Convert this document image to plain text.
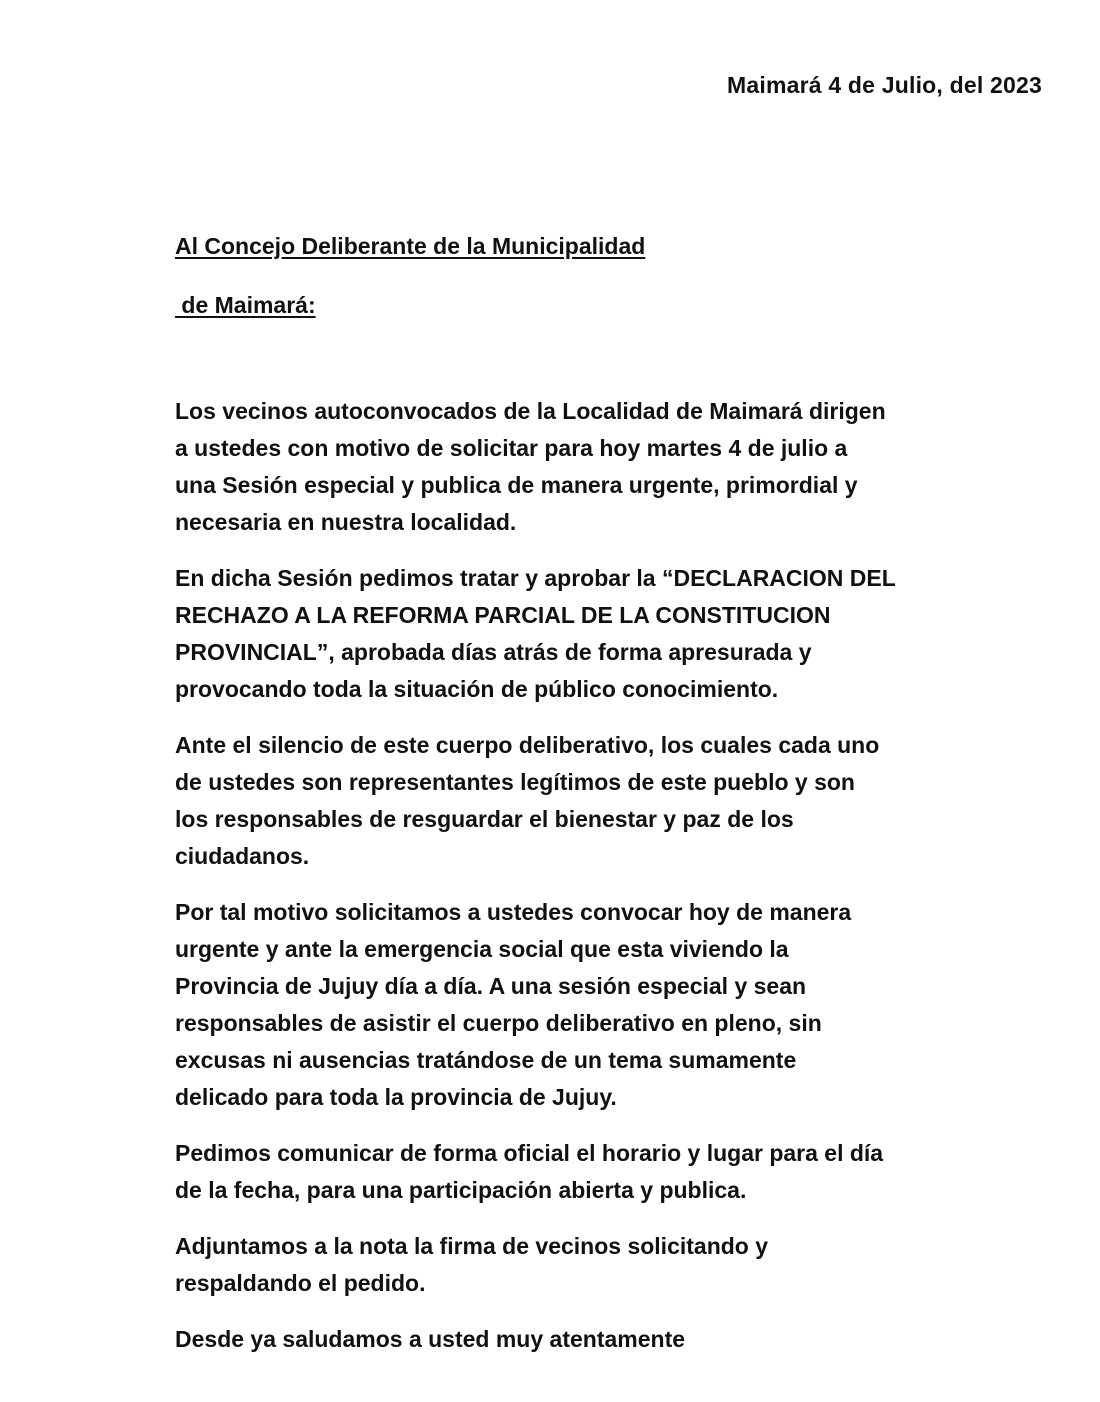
Maimará 4 de Julio, del 2023
Al Concejo Deliberante de la Municipalidad
de Maimará:

Los vecinos autoconvocados de la Localidad de Maimará dirigen
a ustedes con motivo de solicitar para hoy martes 4 de julio a
una Sesión especial y publica de manera urgente, primordial y
necesaria en nuestra localidad.

En dicha Sesión pedimos tratar y aprobar la “DECLARACION DEL
RECHAZO A LA REFORMA PARCIAL DE LA CONSTITUCION
PROVINCIAL”, aprobada días atrás de forma apresurada y
provocando toda la situación de público conocimiento.

Ante el silencio de este cuerpo deliberativo, los cuales cada uno
de ustedes son representantes legítimos de este pueblo y son
los responsables de resguardar el bienestar y paz de los
ciudadanos.

Por tal motivo solicitamos a ustedes convocar hoy de manera
urgente y ante la emergencia social que esta viviendo la
Provincia de Jujuy día a día. A una sesión especial y sean
responsables de asistir el cuerpo deliberativo en pleno, sin
excusas ni ausencias tratándose de un tema sumamente
delicado para toda la provincia de Jujuy.

Pedimos comunicar de forma oficial el horario y lugar para el día
de la fecha, para una participación abierta y publica.

Adjuntamos a la nota la firma de vecinos solicitando y
respaldando el pedido.

Desde ya saludamos a usted muy atentamente
